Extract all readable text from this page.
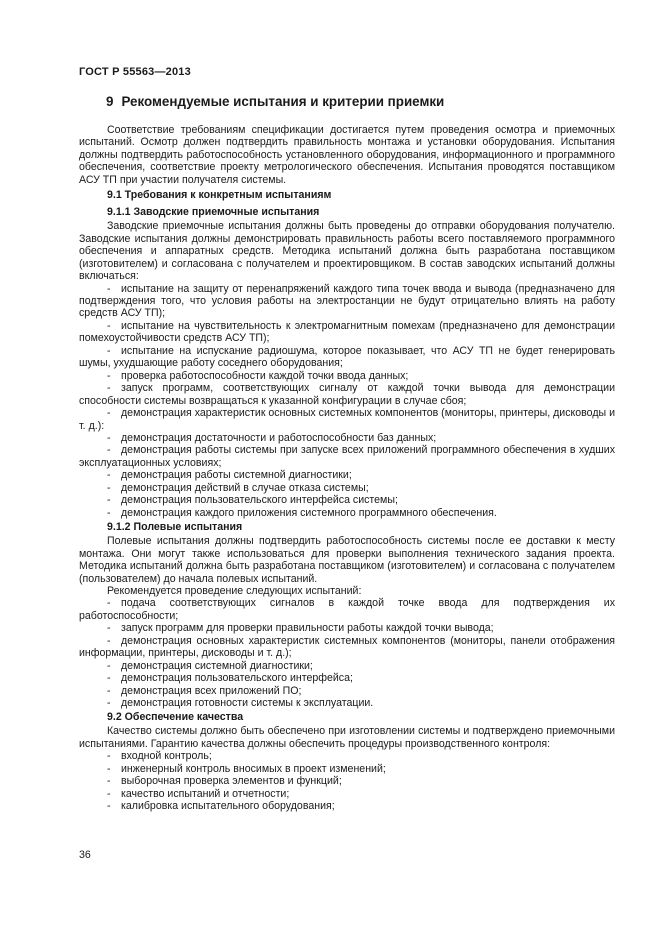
ГОСТ Р 55563—2013
9 Рекомендуемые испытания и критерии приемки

Соответствие требованиям спецификации достигается путем проведения осмотра и приемочных испытаний. Осмотр должен подтвердить правильность монтажа и установки оборудования. Испытания должны подтвердить работоспособность установленного оборудования, информационного и программного обеспечения, соответствие проекту метрологического обеспечения. Испытания проводятся поставщиком АСУ ТП при участии получателя системы.

9.1 Требования к конкретным испытаниям
9.1.1 Заводские приемочные испытания

Заводские приемочные испытания должны быть проведены до отправки оборудования получателю. Заводские испытания должны демонстрировать правильность работы всего поставляемого программного обеспечения и аппаратных средств. Методика испытаний должна быть разработана поставщиком (изготовителем) и согласована с получателем и проектировщиком. В состав заводских испытаний должны включаться:

- испытание на защиту от перенапряжений каждого типа точек ввода и вывода (предназначено для подтверждения того, что условия работы на электростанции не будут отрицательно влиять на работу средств АСУ ТП);

- испытание на чувствительность к электромагнитным помехам (предназначено для демонстрации помехоустойчивости средств АСУ ТП);

- испытание на испускание радиошума, которое показывает, что АСУ ТП не будет генерировать шумы, ухудшающие работу соседнего оборудования;

- проверка работоспособности каждой точки ввода данных;

- запуск программ, соответствующих сигналу от каждой точки вывода для демонстрации способности системы возвращаться к указанной конфигурации в случае сбоя;

- демонстрация характеристик основных системных компонентов (мониторы, принтеры, дисководы и т. д.):

- демонстрация достаточности и работоспособности баз данных;

- демонстрация работы системы при запуске всех приложений программного обеспечения в худших эксплуатационных условиях;

- демонстрация работы системной диагностики;

- демонстрация действий в случае отказа системы;

- демонстрация пользовательского интерфейса системы;

- демонстрация каждого приложения системного программного обеспечения.

9.1.2 Полевые испытания

Полевые испытания должны подтвердить работоспособность системы после ее доставки к месту монтажа. Они могут также использоваться для проверки выполнения технического задания проекта. Методика испытаний должна быть разработана поставщиком (изготовителем) и согласована с получателем (пользователем) до начала полевых испытаний.

Рекомендуется проведение следующих испытаний:

- подача соответствующих сигналов в каждой точке ввода для подтверждения их работоспособности;

- запуск программ для проверки правильности работы каждой точки вывода;

- демонстрация основных характеристик системных компонентов (мониторы, панели отображения информации, принтеры, дисководы и т. д.);

- демонстрация системной диагностики;

- демонстрация пользовательского интерфейса;

- демонстрация всех приложений ПО;

- демонстрация готовности системы к эксплуатации.

9.2 Обеспечение качества

Качество системы должно быть обеспечено при изготовлении системы и подтверждено приемочными испытаниями. Гарантию качества должны обеспечить процедуры производственного контроля:

- входной контроль;

- инженерный контроль вносимых в проект изменений;

- выборочная проверка элементов и функций;

- качество испытаний и отчетности;

- калибровка испытательного оборудования;

36
